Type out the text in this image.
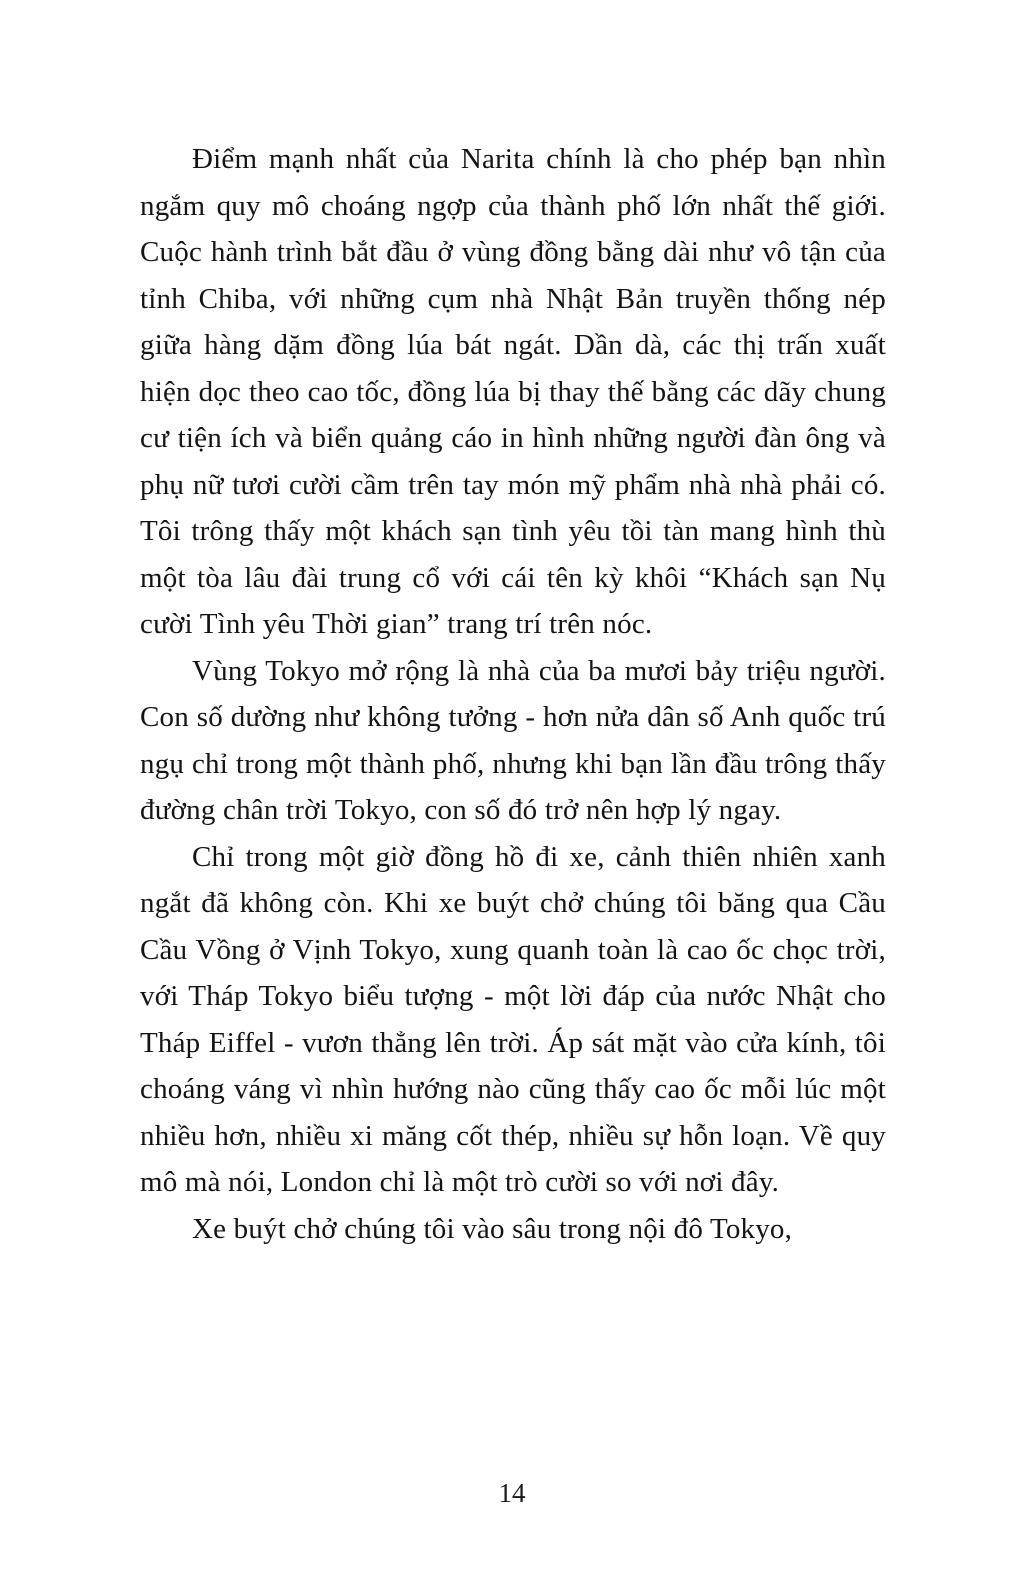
Điểm mạnh nhất của Narita chính là cho phép bạn nhìn ngắm quy mô choáng ngợp của thành phố lớn nhất thế giới. Cuộc hành trình bắt đầu ở vùng đồng bằng dài như vô tận của tỉnh Chiba, với những cụm nhà Nhật Bản truyền thống nép giữa hàng dặm đồng lúa bát ngát. Dần dà, các thị trấn xuất hiện dọc theo cao tốc, đồng lúa bị thay thế bằng các dãy chung cư tiện ích và biển quảng cáo in hình những người đàn ông và phụ nữ tươi cười cầm trên tay món mỹ phẩm nhà nhà phải có. Tôi trông thấy một khách sạn tình yêu tồi tàn mang hình thù một tòa lâu đài trung cổ với cái tên kỳ khôi “Khách sạn Nụ cười Tình yêu Thời gian” trang trí trên nóc.

Vùng Tokyo mở rộng là nhà của ba mươi bảy triệu người. Con số dường như không tưởng - hơn nửa dân số Anh quốc trú ngụ chỉ trong một thành phố, nhưng khi bạn lần đầu trông thấy đường chân trời Tokyo, con số đó trở nên hợp lý ngay.

Chỉ trong một giờ đồng hồ đi xe, cảnh thiên nhiên xanh ngắt đã không còn. Khi xe buýt chở chúng tôi băng qua Cầu Cầu Vồng ở Vịnh Tokyo, xung quanh toàn là cao ốc chọc trời, với Tháp Tokyo biểu tượng - một lời đáp của nước Nhật cho Tháp Eiffel - vươn thẳng lên trời. Áp sát mặt vào cửa kính, tôi choáng váng vì nhìn hướng nào cũng thấy cao ốc mỗi lúc một nhiều hơn, nhiều xi măng cốt thép, nhiều sự hỗn loạn. Về quy mô mà nói, London chỉ là một trò cười so với nơi đây.

Xe buýt chở chúng tôi vào sâu trong nội đô Tokyo,

14
